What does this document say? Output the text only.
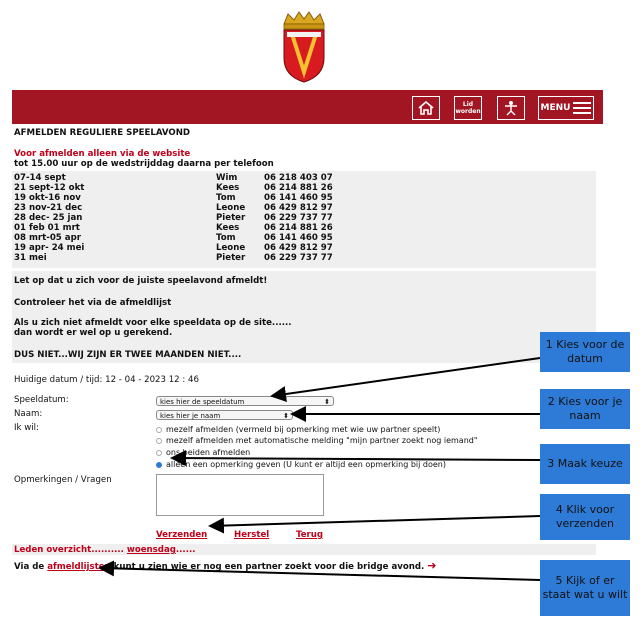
Lid worden	MENU
AFMELDEN REGULIERE SPEELAVOND
Voor afmelden alleen via de website
tot 15.00 uur op de wedstrijddag daarna per telefoon
07-14 sept	Wim	06 218 403 07
21 sept-12 okt	Kees	06 214 881 26
19 okt-16 nov	Tom	06 141 460 95
23 nov-21 dec	Leone 06 429 812 97
28 dec- 25 jan	Pieter 06 229 737 77
01 feb 01 mrt	Kees	06 214 881 26
08 mrt-05 apr	Tom	06 141 460 95
19 apr- 24 mei	Leone 06 429 812 97
31 mei	Pieter 06 229 737 77
Let op dat u zich voor de juiste speelavond afmeldt!
Controleer het via de afmeldlijst
Als u zich niet afmeldt voor elke speeldata op de site......
dan wordt er wel op u gerekend.
DUS NIET...WIJ ZIJN ER TWEE MAANDEN NIET....
Huidige datum / tijd: 12 - 04 - 2023 12 : 46
Speeldatum:	kies hier de speeldatum	⬍
Naam:	kies hier je naam	⬍
Ik wil:	mezelf afmelden (vermeld bij opmerking met wie uw partner speelt)
mezelf afmelden met automatische melding "mijn partner zoekt nog iemand"
ons beiden afmelden
alleen een opmerking geven (U kunt er altijd een opmerking bij doen)
Opmerkingen / Vragen
Verzenden	Herstel	Terug
Leden overzicht.......... woensdag......
Via de afmeldlijsten kunt u zien wie er nog een partner zoekt voor die bridge avond. ➜
1 Kies voor de datum
2 Kies voor je naam
3 Maak keuze
4 Klik voor verzenden
5 Kijk of er staat wat u wilt
